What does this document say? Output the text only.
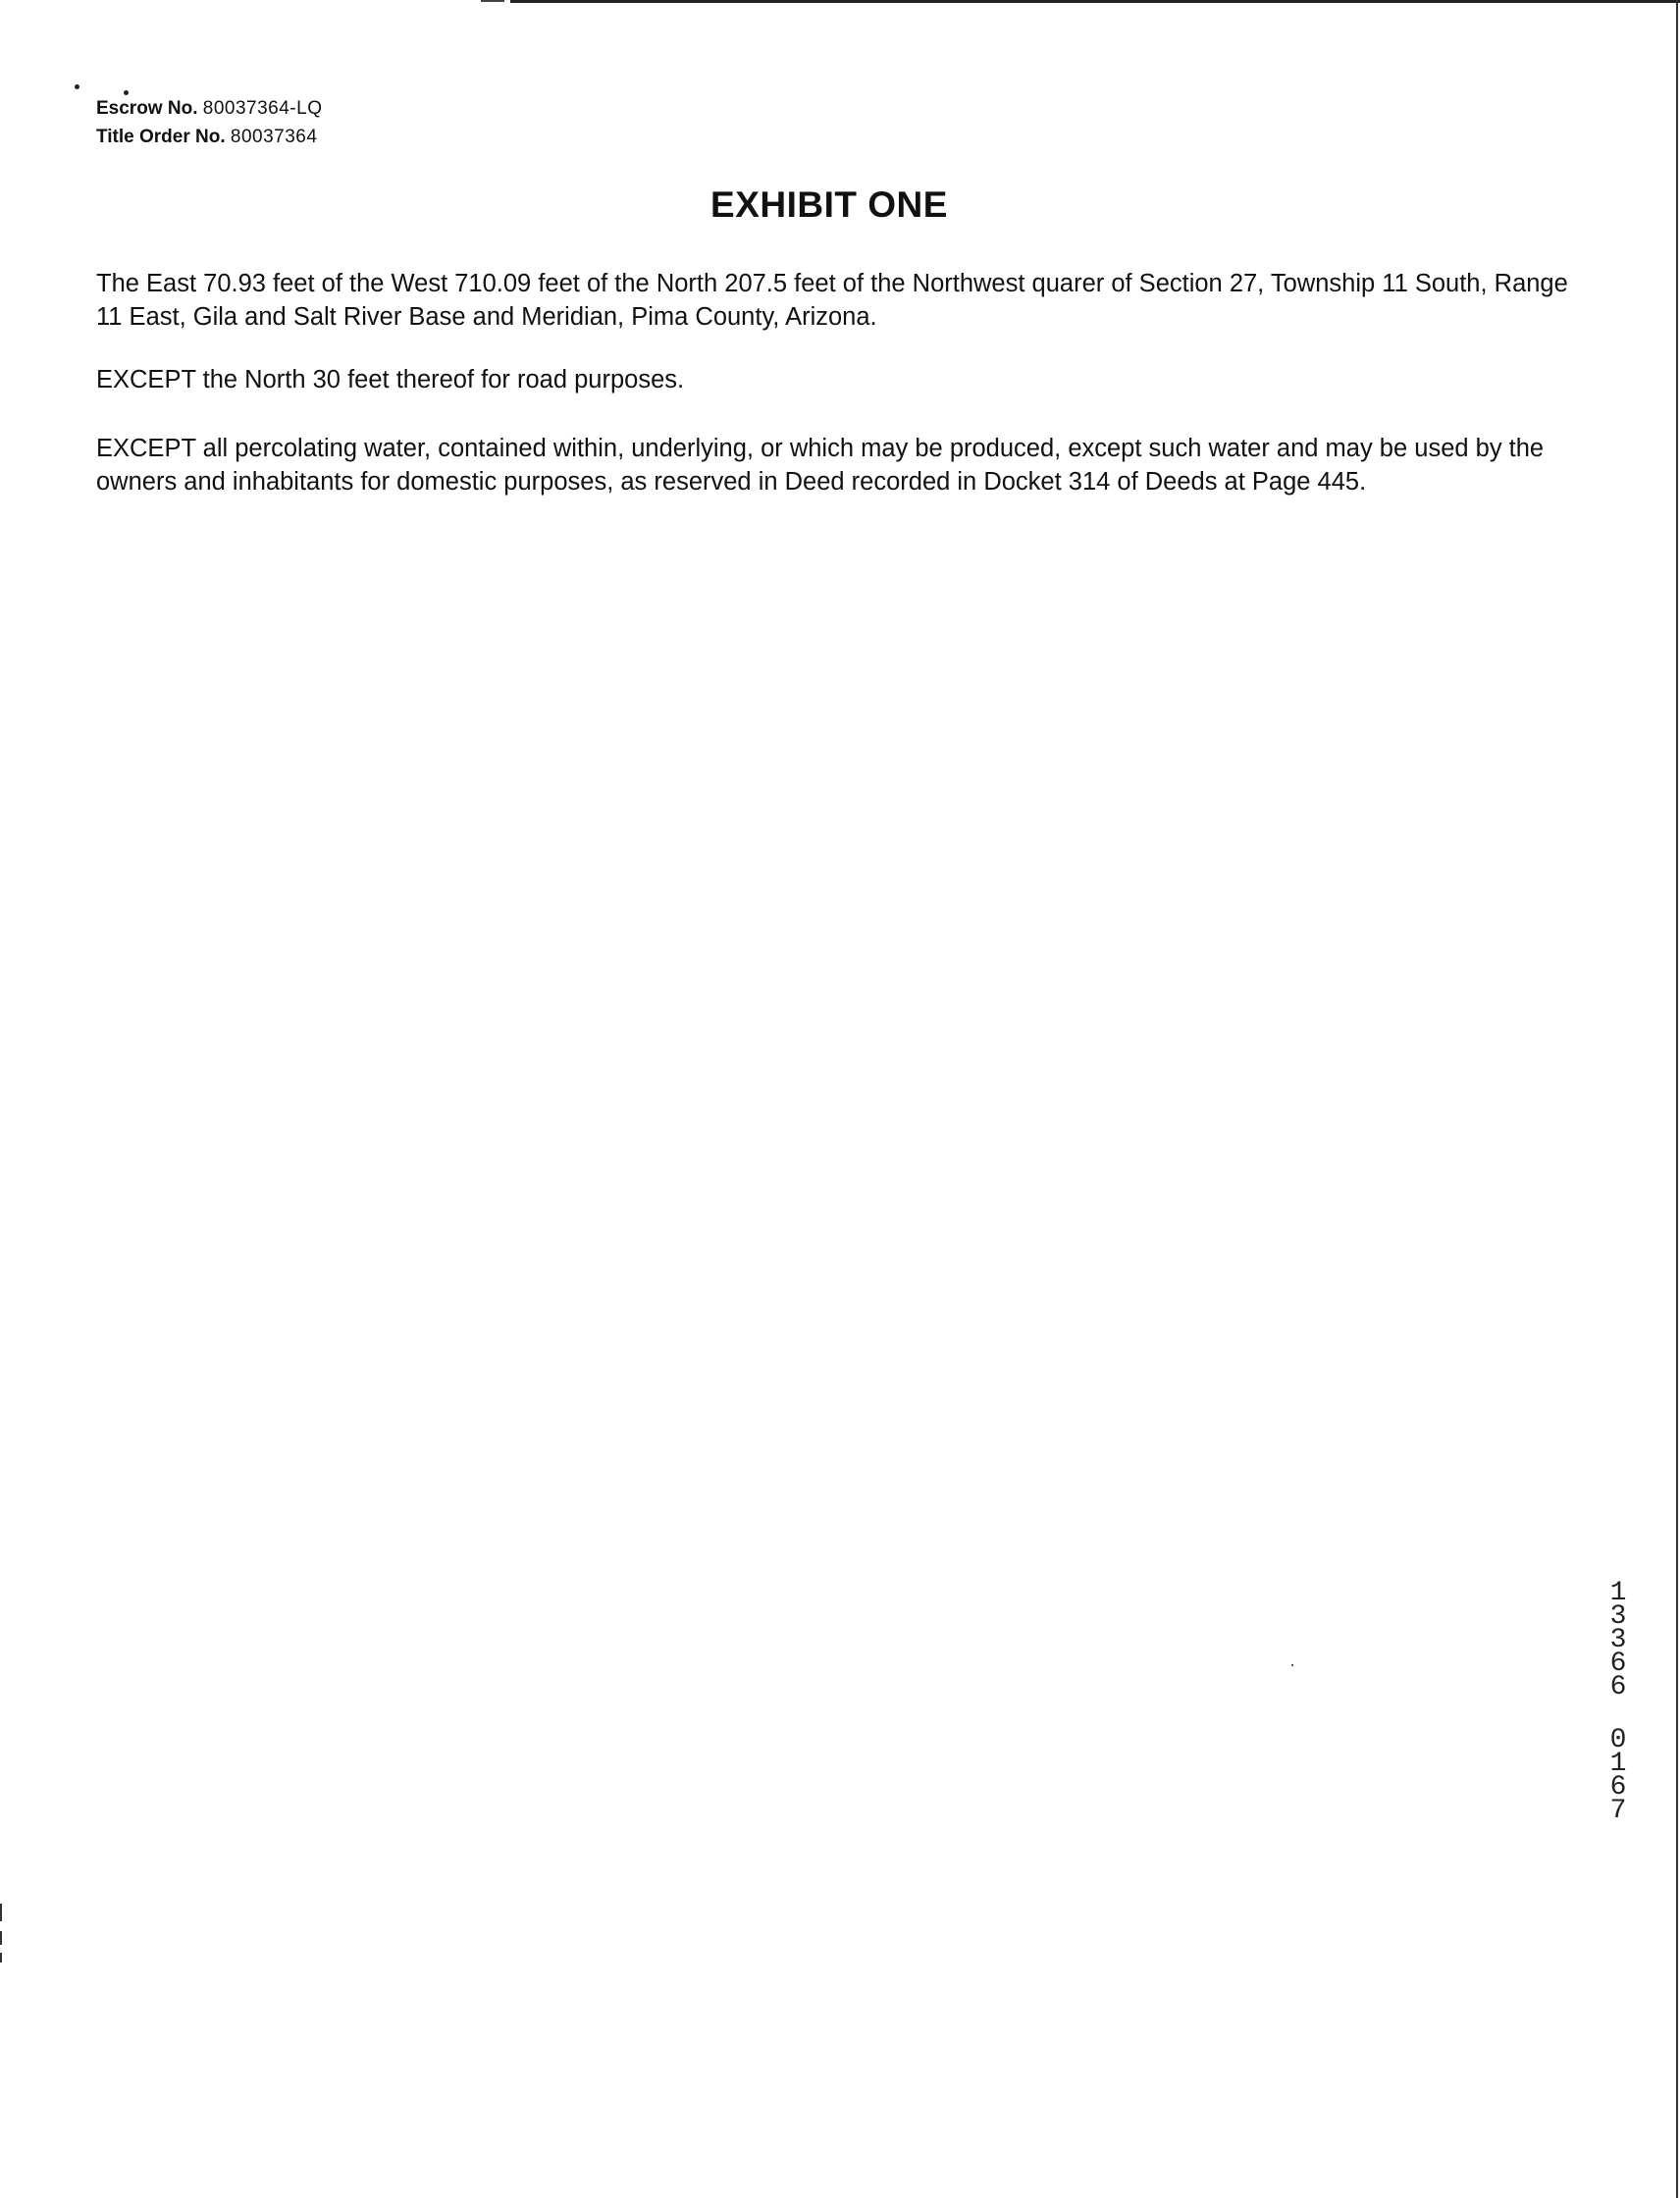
Escrow No. 80037364-LQ
Title Order No. 80037364
EXHIBIT ONE
The East 70.93 feet of the West 710.09 feet of the North 207.5 feet of the Northwest quarer of Section 27, Township 11 South, Range 11 East, Gila and Salt River Base and Meridian, Pima County, Arizona.
EXCEPT the North 30 feet thereof for road purposes.
EXCEPT all percolating water, contained within, underlying, or which may be produced, except such water and may be used by the owners and inhabitants for domestic purposes, as reserved in Deed recorded in Docket 314 of Deeds at Page 445.
13366
0167
